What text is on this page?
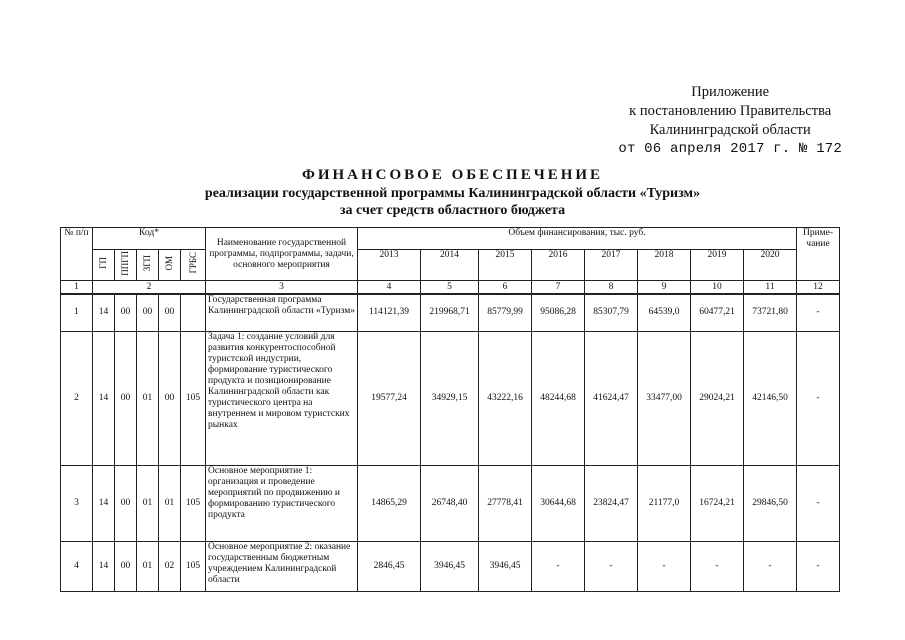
Приложение
к постановлению Правительства
Калининградской области
от 06 апреля 2017 г. № 172
ФИНАНСОВОЕ ОБЕСПЕЧЕНИЕ
реализации государственной программы Калининградской области «Туризм»
за счет средств областного бюджета
№ п/п	Код*					Наименование государственной программы, подпрограммы, задачи, основного мероприятия	Объем финансирования, тыс. руб.								Приме-чание
	ГП	ППГП	ЗГП	ОМ	ГРБС		2013	2014	2015	2016	2017	2018	2019	2020	
1	2					3	4	5	6	7	8	9	10	11	12
1	14	00	00	00		Государственная программа Калининградской области «Туризм»	114121,39	219968,71	85779,99	95086,28	85307,79	64539,0	60477,21	73721,80	-
2	14	00	01	00	105	Задача 1: создание условий для развития конкурентоспособной туристской индустрии, формирование туристического продукта и позиционирование Калининградской области как туристического центра на внутреннем и мировом туристских рынках	19577,24	34929,15	43222,16	48244,68	41624,47	33477,00	29024,21	42146,50	-
3	14	00	01	01	105	Основное мероприятие 1: организация и проведение мероприятий по продвижению и формированию туристического продукта	14865,29	26748,40	27778,41	30644,68	23824,47	21177,0	16724,21	29846,50	-
4	14	00	01	02	105	Основное мероприятие 2: оказание государственным бюджетным учреждением Калининградской области	2846,45	3946,45	3946,45	-	-	-	-	-	-
